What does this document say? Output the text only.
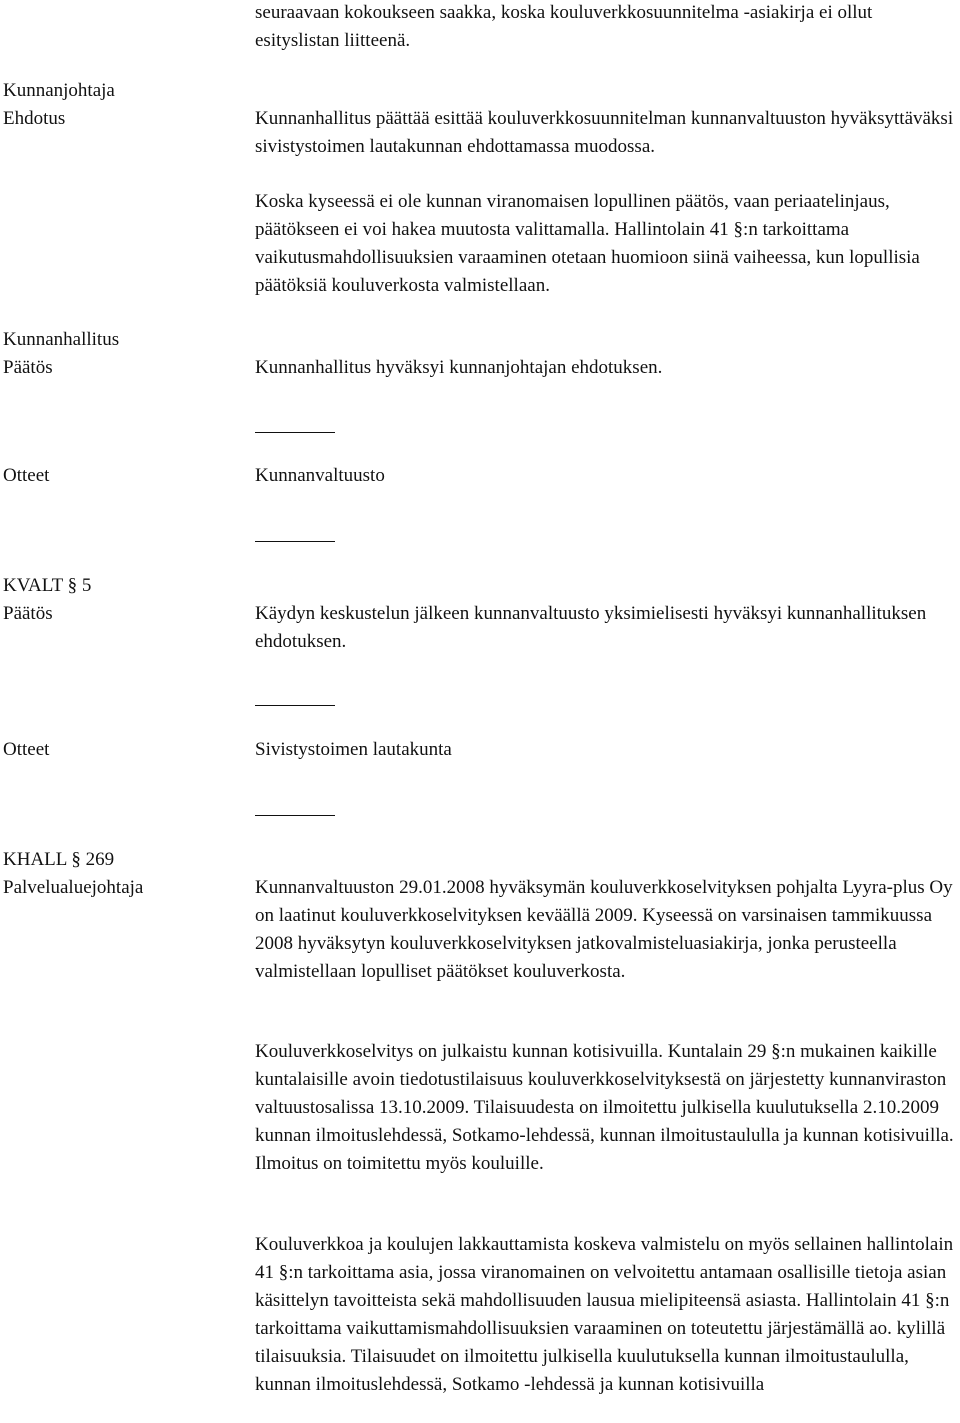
Kunnanjohtaja
Ehdotus
Kunnanhallitus
Päätös
Otteet
KVALT § 5
Päätös
Otteet
KHALL § 269
Palvelualuejohtaja
seuraavaan kokoukseen saakka, koska kouluverkkosuunnitelma -asiakirja ei ollut esityslistan liitteenä.
Kunnanhallitus päättää esittää kouluverkkosuunnitelman kunnanvaltuuston hyväksyttäväksi sivistystoimen lautakunnan ehdottamassa muodossa.
Koska kyseessä ei ole kunnan viranomaisen lopullinen päätös, vaan periaatelinjaus, päätökseen ei voi hakea muutosta valittamalla. Hallintolain 41 §:n tarkoittama vaikutusmahdollisuuksien varaaminen otetaan huomioon siinä vaiheessa, kun lopullisia päätöksiä kouluverkosta valmistellaan.
Kunnanhallitus hyväksyi kunnanjohtajan ehdotuksen.
Kunnanvaltuusto
Käydyn keskustelun jälkeen kunnanvaltuusto yksimielisesti hyväksyi kunnanhallituksen ehdotuksen.
Sivistystoimen lautakunta
Kunnanvaltuuston 29.01.2008 hyväksymän kouluverkkoselvityksen pohjalta Lyyra-plus Oy on laatinut kouluverkkoselvityksen keväällä 2009. Kyseessä on varsinaisen tammikuussa 2008 hyväksytyn kouluverkkoselvityksen jatkovalmisteluasiakirja, jonka perusteella valmistellaan lopulliset päätökset kouluverkosta.
Kouluverkkoselvitys on julkaistu kunnan kotisivuilla. Kuntalain 29 §:n mukainen kaikille kuntalaisille avoin tiedotustilaisuus kouluverkkoselvityksestä on järjestetty kunnanviraston valtuustosalissa 13.10.2009. Tilaisuudesta on ilmoitettu julkisella kuulutuksella 2.10.2009 kunnan ilmoituslehdessä, Sotkamo-lehdessä, kunnan ilmoitustaululla ja kunnan kotisivuilla. Ilmoitus on toimitettu myös kouluille.
Kouluverkkoa ja koulujen lakkauttamista koskeva valmistelu on myös sellainen hallintolain 41 §:n tarkoittama asia, jossa viranomainen on velvoitettu antamaan osallisille tietoja asian käsittelyn tavoitteista sekä mahdollisuuden lausua mielipiteensä asiasta. Hallintolain 41 §:n tarkoittama vaikuttamismahdollisuuksien varaaminen on toteutettu järjestämällä ao. kylillä tilaisuuksia. Tilaisuudet on ilmoitettu julkisella kuulutuksella kunnan ilmoitustaululla, kunnan ilmoituslehdessä, Sotkamo -lehdessä ja kunnan kotisivuilla
